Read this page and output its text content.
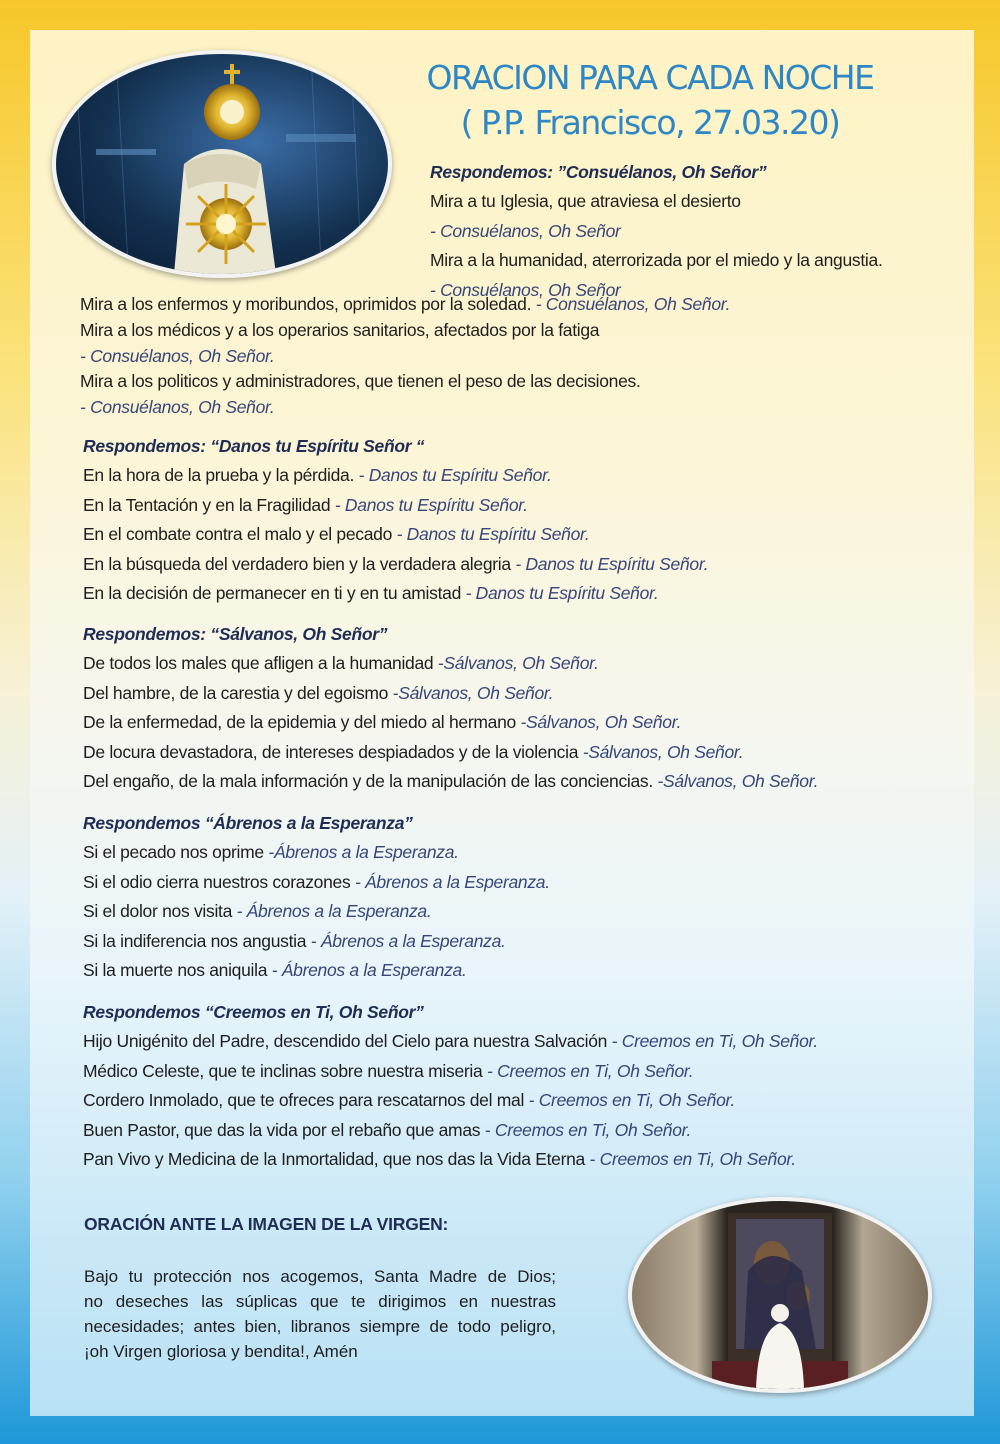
ORACION PARA CADA NOCHE
( P.P. Francisco, 27.03.20)
Respondemos: ”Consuélanos, Oh Señor”
Mira a tu Iglesia, que atraviesa el desierto
- Consuélanos, Oh Señor
Mira a la humanidad, aterrorizada por el miedo y la angustia.
- Consuélanos, Oh Señor
Mira a los enfermos y moribundos, oprimidos por la soledad. - Consuélanos, Oh Señor.
Mira a los médicos y a los operarios sanitarios, afectados por la fatiga
- Consuélanos, Oh Señor.
Mira a los politicos y administradores, que tienen el peso de las decisiones.
- Consuélanos, Oh Señor.
Respondemos: “Danos tu Espíritu Señor “
En la hora de la prueba y la pérdida. - Danos tu Espíritu Señor.
En la Tentación y en la Fragilidad - Danos tu Espíritu Señor.
En el combate contra el malo y el pecado - Danos tu Espíritu Señor.
En la búsqueda del verdadero bien y la verdadera alegria - Danos tu Espíritu Señor.
En la decisión de permanecer en ti y en tu amistad - Danos tu Espíritu Señor.
Respondemos: “Sálvanos, Oh Señor”
De todos los males que afligen a la humanidad -Sálvanos, Oh Señor.
Del hambre, de la carestia y del egoismo -Sálvanos, Oh Señor.
De la enfermedad, de la epidemia y del miedo al hermano -Sálvanos, Oh Señor.
De locura devastadora, de intereses despiadados y de la violencia -Sálvanos, Oh Señor.
Del engaño, de la mala información y de la manipulación de las conciencias. -Sálvanos, Oh Señor.
Respondemos “Ábrenos a la Esperanza”
Si el pecado nos oprime -Ábrenos a la Esperanza.
Si el odio cierra nuestros corazones - Ábrenos a la Esperanza.
Si el dolor nos visita - Ábrenos a la Esperanza.
Si la indiferencia nos angustia - Ábrenos a la Esperanza.
Si la muerte nos aniquila - Ábrenos a la Esperanza.
Respondemos “Creemos en Ti, Oh Señor”
Hijo Unigénito del Padre, descendido del Cielo para nuestra Salvación - Creemos en Ti, Oh Señor.
Médico Celeste, que te inclinas sobre nuestra miseria - Creemos en Ti, Oh Señor.
Cordero Inmolado, que te ofreces para rescatarnos del mal - Creemos en Ti, Oh Señor.
Buen Pastor, que das la vida por el rebaño que amas - Creemos en Ti, Oh Señor.
Pan Vivo y Medicina de la Inmortalidad, que nos das la Vida Eterna - Creemos en Ti, Oh Señor.
ORACIÓN ANTE LA IMAGEN DE LA VIRGEN:
Bajo tu protección nos acogemos, Santa Madre de Dios;
no deseches las súplicas que te dirigimos en nuestras
necesidades; antes bien, libranos siempre de todo peligro,
¡oh Virgen gloriosa y bendita!, Amén
